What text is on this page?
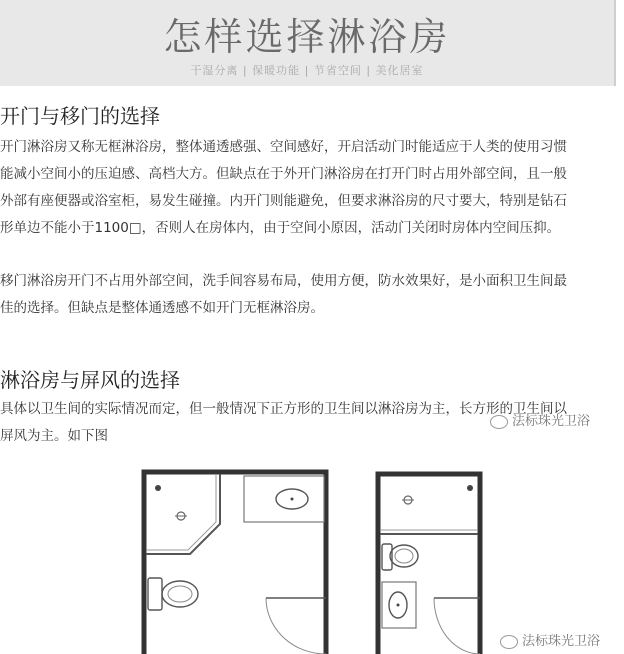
怎样选择淋浴房
干湿分离 | 保暖功能 | 节省空间 | 美化居室
开门与移门的选择
开门淋浴房又称无框淋浴房，整体通透感强、空间感好，开启活动门时能适应于人类的使用习惯
能减小空间小的压迫感、高档大方。但缺点在于外开门淋浴房在打开门时占用外部空间，且一般
外部有座便器或浴室柜，易发生碰撞。内开门则能避免，但要求淋浴房的尺寸要大，特别是钻石
形单边不能小于1100□，否则人在房体内，由于空间小原因，活动门关闭时房体内空间压抑。
移门淋浴房开门不占用外部空间，洗手间容易布局，使用方便，防水效果好，是小面积卫生间最
佳的选择。但缺点是整体通透感不如开门无框淋浴房。
淋浴房与屏风的选择
具体以卫生间的实际情况而定，但一般情况下正方形的卫生间以淋浴房为主，长方形的卫生间以
屏风为主。如下图
法标珠光卫浴
法标珠光卫浴
